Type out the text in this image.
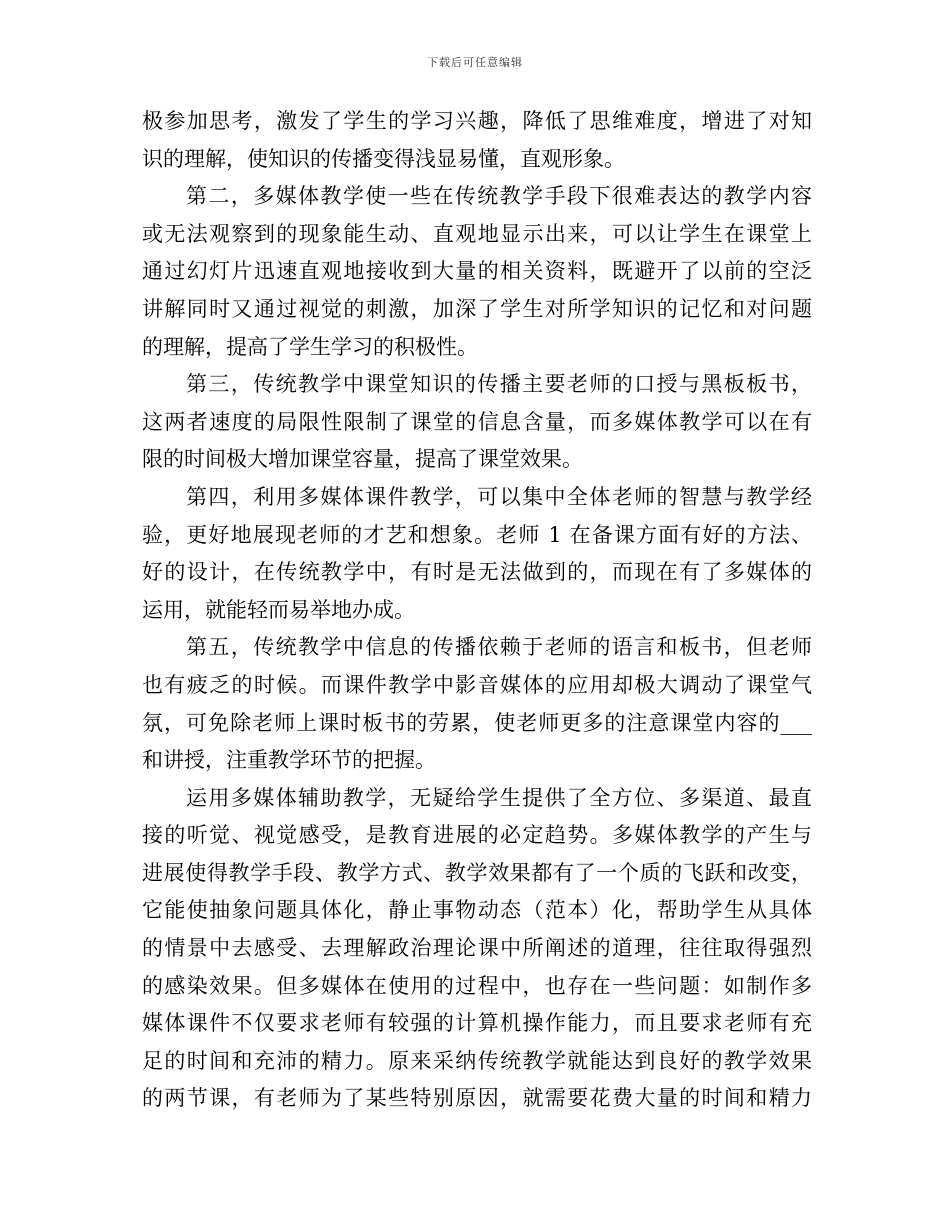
下载后可任意编辑
极参加思考，激发了学生的学习兴趣，降低了思维难度，增进了对知
识的理解，使知识的传播变得浅显易懂，直观形象。
第二，多媒体教学使一些在传统教学手段下很难表达的教学内容
或无法观察到的现象能生动、直观地显示出来，可以让学生在课堂上
通过幻灯片迅速直观地接收到大量的相关资料，既避开了以前的空泛
讲解同时又通过视觉的刺激，加深了学生对所学知识的记忆和对问题
的理解，提高了学生学习的积极性。
第三，传统教学中课堂知识的传播主要老师的口授与黑板板书，
这两者速度的局限性限制了课堂的信息含量，而多媒体教学可以在有
限的时间极大增加课堂容量，提高了课堂效果。
第四，利用多媒体课件教学，可以集中全体老师的智慧与教学经
验，更好地展现老师的才艺和想象。老师 1 在备课方面有好的方法、
好的设计，在传统教学中，有时是无法做到的，而现在有了多媒体的
运用，就能轻而易举地办成。
第五，传统教学中信息的传播依赖于老师的语言和板书，但老师
也有疲乏的时候。而课件教学中影音媒体的应用却极大调动了课堂气
氛，可免除老师上课时板书的劳累，使老师更多的注意课堂内容的___
和讲授，注重教学环节的把握。
运用多媒体辅助教学，无疑给学生提供了全方位、多渠道、最直
接的听觉、视觉感受，是教育进展的必定趋势。多媒体教学的产生与
进展使得教学手段、教学方式、教学效果都有了一个质的飞跃和改变，
它能使抽象问题具体化，静止事物动态（范本）化，帮助学生从具体
的情景中去感受、去理解政治理论课中所阐述的道理，往往取得强烈
的感染效果。但多媒体在使用的过程中，也存在一些问题：如制作多
媒体课件不仅要求老师有较强的计算机操作能力，而且要求老师有充
足的时间和充沛的精力。原来采纳传统教学就能达到良好的教学效果
的两节课，有老师为了某些特别原因，就需要花费大量的时间和精力
